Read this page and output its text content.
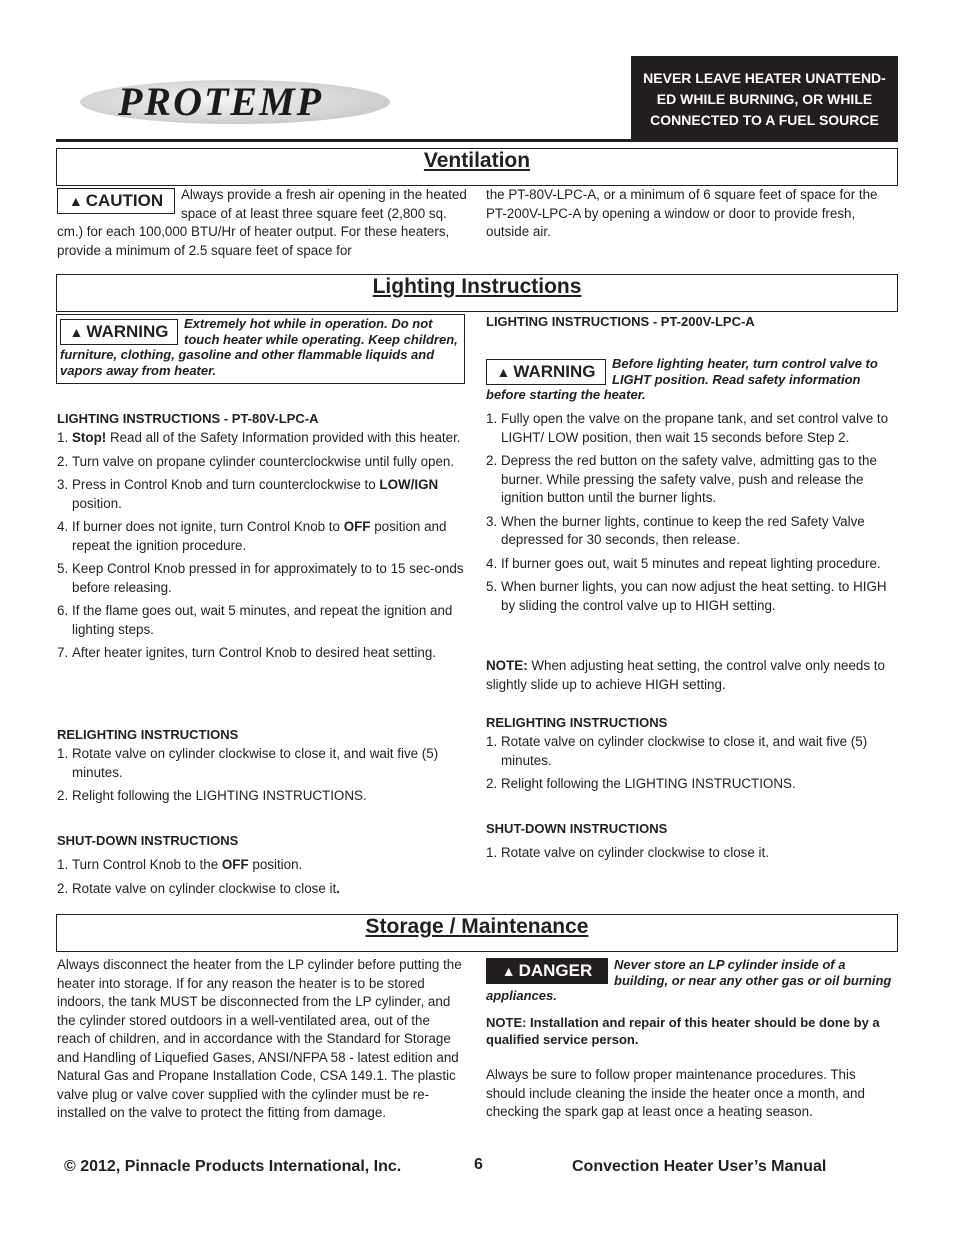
PROTEMP
NEVER LEAVE HEATER UNATTEND-ED WHILE BURNING, OR WHILE CONNECTED TO A FUEL SOURCE
Ventilation
▲ CAUTION Always provide a fresh air opening in the heated space of at least three square feet (2,800 sq. cm.) for each 100,000 BTU/Hr of heater output. For these heaters, provide a minimum of 2.5 square feet of space for
the PT-80V-LPC-A, or a minimum of 6 square feet of space for the PT-200V-LPC-A by opening a window or door to provide fresh, outside air.
Lighting Instructions
▲ WARNING	Extremely hot while in operation. Do not touch heater while operating. Keep children, furniture, clothing, gasoline and other flammable liquids and vapors away from heater.
LIGHTING INSTRUCTIONS - PT-80V-LPC-A
1. Stop! Read all of the Safety Information provided with this heater.
2. Turn valve on propane cylinder counterclockwise until fully open.
3. Press in Control Knob and turn counterclockwise to LOW/IGN position.
4. If burner does not ignite, turn Control Knob to OFF position and repeat the ignition procedure.
5. Keep Control Knob pressed in for approximately to to 15 sec-onds before releasing.
6. If the flame goes out, wait 5 minutes, and repeat the ignition and lighting steps.
7. After heater ignites, turn Control Knob to desired heat setting.
RELIGHTING INSTRUCTIONS
1. Rotate valve on cylinder clockwise to close it, and wait five (5) minutes.
2. Relight following the LIGHTING INSTRUCTIONS.
SHUT-DOWN INSTRUCTIONS
1. Turn Control Knob to the OFF position.
2. Rotate valve on cylinder clockwise to close it.
LIGHTING INSTRUCTIONS - PT-200V-LPC-A
▲ WARNING	Before lighting heater, turn control valve to LIGHT position. Read safety information before starting the heater.
1. Fully open the valve on the propane tank, and set control valve to LIGHT/ LOW position, then wait 15 seconds before Step 2.
2. Depress the red button on the safety valve, admitting gas to the burner. While pressing the safety valve, push and release the ignition button until the burner lights.
3. When the burner lights, continue to keep the red Safety Valve depressed for 30 seconds, then release.
4. If burner goes out, wait 5 minutes and repeat lighting procedure.
5. When burner lights, you can now adjust the heat setting. to HIGH by sliding the control valve up to HIGH setting.
NOTE: When adjusting heat setting, the control valve only needs to slightly slide up to achieve HIGH setting.
RELIGHTING INSTRUCTIONS
1. Rotate valve on cylinder clockwise to close it, and wait five (5) minutes.
2. Relight following the LIGHTING INSTRUCTIONS.
SHUT-DOWN INSTRUCTIONS
1. Rotate valve on cylinder clockwise to close it.
Storage / Maintenance
Always disconnect the heater from the LP cylinder before putting the heater into storage. If for any reason the heater is to be stored indoors, the tank MUST be disconnected from the LP cylinder, and the cylinder stored outdoors in a well-ventilated area, out of the reach of children, and in accordance with the Standard for Storage and Handling of Liquefied Gases, ANSI/NFPA 58 - latest edition and Natural Gas and Propane Installation Code, CSA 149.1. The plastic valve plug or valve cover supplied with the cylinder must be re-installed on the valve to protect the fitting from damage.
▲ DANGER	Never store an LP cylinder inside of a building, or near any other gas or oil burning appliances.
NOTE: Installation and repair of this heater should be done by a qualified service person.
Always be sure to follow proper maintenance procedures. This should include cleaning the inside the heater once a month, and checking the spark gap at least once a heating season.
© 2012, Pinnacle Products International, Inc.	6	Convection Heater User’s Manual
